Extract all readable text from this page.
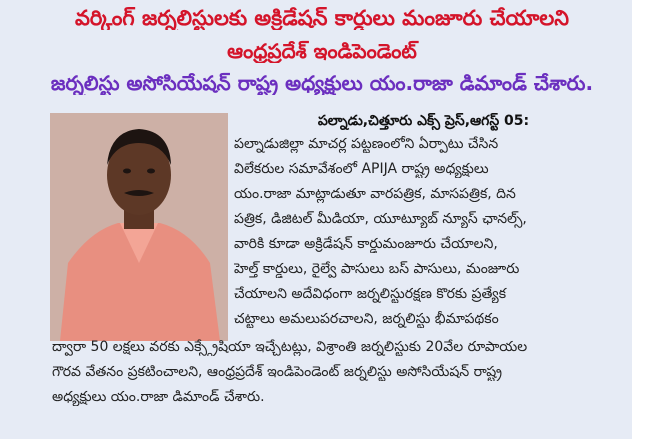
వర్కింగ్ జర్నలిస్టులకు అక్రిడేషన్ కార్డులు మంజూరు చేయాలని
ఆంధ్రప్రదేశ్ ఇండిపెండెంట్
జర్నలిస్టు అసోసియేషన్ రాష్ట్ర అధ్యక్షులు యం.రాజా డిమాండ్ చేశారు.
పల్నాడు,చిత్తూరు ఎక్స్ ప్రెస్,ఆగస్ట్ 05:
పల్నాడుజిల్లా మాచర్ల పట్టణంలోని ఏర్పాటు చేసిన
విలేకరుల సమావేశంలో APIJA రాష్ట్ర అధ్యక్షులు
యం.రాజా మాట్లాడుతూ వారపత్రిక, మాసపత్రిక, దిన
పత్రిక, డిజిటల్ మీడియా, యూట్యూబ్ న్యూస్ ఛానల్స్,
వారికి కూడా అక్రిడేషన్ కార్డుమంజూరు చేయాలని,
హెల్త్ కార్డులు, రైల్వే పాసులు బస్ పాసులు, మంజూరు
చేయాలని అదేవిధంగా జర్నలిస్టురక్షణ కొరకు ప్రత్యేక
చట్టాలు అమలుపరచాలని, జర్నలిస్టు భీమాపథకం
ద్వారా 50 లక్షలు వరకు ఎక్స్గ్రేషియా ఇచ్చేటట్లు, విశ్రాంతి జర్నలిస్టుకు 20వేల రూపాయల
గౌరవ వేతనం ప్రకటించాలని, ఆంధ్రప్రదేశ్ ఇండిపెండెంట్ జర్నలిస్టు అసోసియేషన్ రాష్ట్ర
అధ్యక్షులు యం.రాజా డిమాండ్ చేశారు.
